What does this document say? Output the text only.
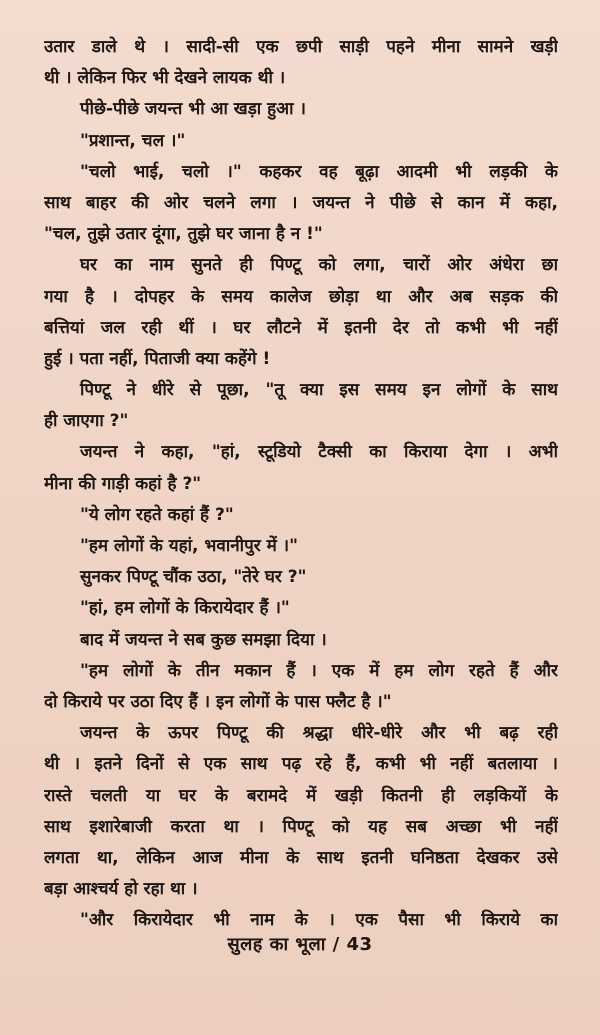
उतार डाले थे । सादी-सी एक छपी साड़ी पहने मीना सामने खड़ी
थी । लेकिन फिर भी देखने लायक थी ।
पीछे-पीछे जयन्त भी आ खड़ा हुआ ।
"प्रशान्त, चल ।"
"चलो भाई, चलो ।" कहकर वह बूढ़ा आदमी भी लड़की के
साथ बाहर की ओर चलने लगा । जयन्त ने पीछे से कान में कहा,
"चल, तुझे उतार दूंगा, तुझे घर जाना है न !"
घर का नाम सुनते ही पिण्टू को लगा, चारों ओर अंधेरा छा
गया है । दोपहर के समय कालेज छोड़ा था और अब सड़क की
बत्तियां जल रही थीं । घर लौटने में इतनी देर तो कभी भी नहीं
हुई । पता नहीं, पिताजी क्या कहेंगे !
पिण्टू ने धीरे से पूछा, "तू क्या इस समय इन लोगों के साथ
ही जाएगा ?"
जयन्त ने कहा, "हां, स्टूडियो टैक्सी का किराया देगा । अभी
मीना की गाड़ी कहां है ?"
"ये लोग रहते कहां हैं ?"
"हम लोगों के यहां, भवानीपुर में ।"
सुनकर पिण्टू चौंक उठा, "तेरे घर ?"
"हां, हम लोगों के किरायेदार हैं ।"
बाद में जयन्त ने सब कुछ समझा दिया ।
"हम लोगों के तीन मकान हैं । एक में हम लोग रहते हैं और
दो किराये पर उठा दिए हैं । इन लोगों के पास फ्लैट है ।"
जयन्त के ऊपर पिण्टू की श्रद्धा धीरे-धीरे और भी बढ़ रही
थी । इतने दिनों से एक साथ पढ़ रहे हैं, कभी भी नहीं बतलाया ।
रास्ते चलती या घर के बरामदे में खड़ी कितनी ही लड़कियों के
साथ इशारेबाजी करता था । पिण्टू को यह सब अच्छा भी नहीं
लगता था, लेकिन आज मीना के साथ इतनी घनिष्ठता देखकर उसे
बड़ा आश्चर्य हो रहा था ।
"और किरायेदार भी नाम के । एक पैसा भी किराये का
सुलह का भूला / 43
